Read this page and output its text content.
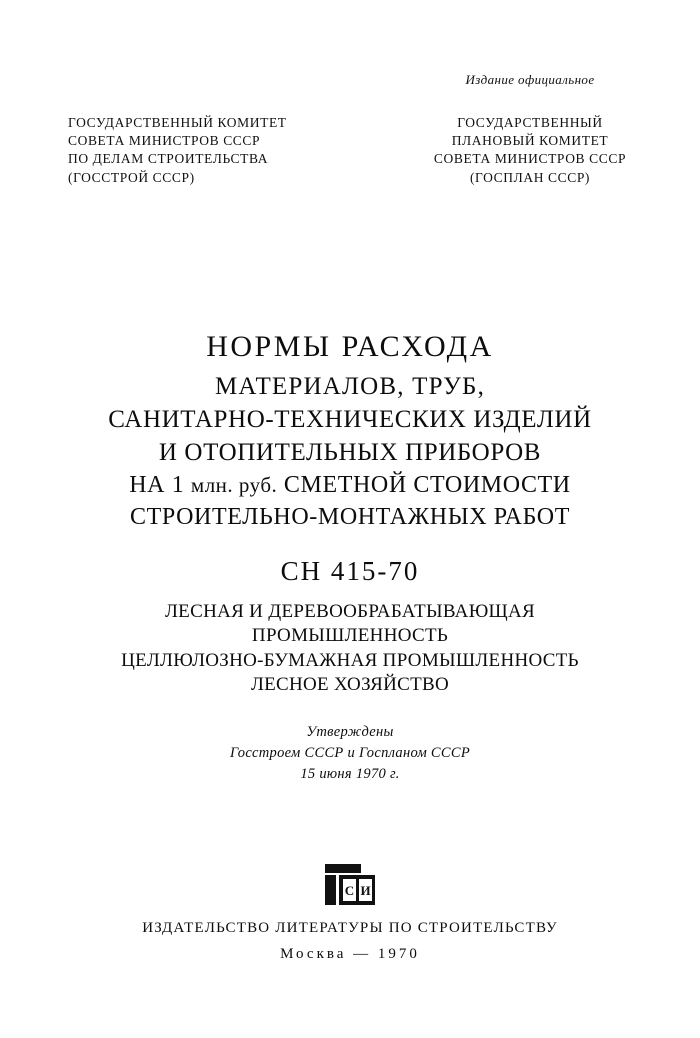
Издание официальное
ГОСУДАРСТВЕННЫЙ КОМИТЕТ
СОВЕТА МИНИСТРОВ СССР
ПО ДЕЛАМ СТРОИТЕЛЬСТВА
(ГОССТРОЙ СССР)
ГОСУДАРСТВЕННЫЙ
ПЛАНОВЫЙ КОМИТЕТ
СОВЕТА МИНИСТРОВ СССР
(ГОСПЛАН СССР)
НОРМЫ РАСХОДА
МАТЕРИАЛОВ, ТРУБ,
САНИТАРНО-ТЕХНИЧЕСКИХ ИЗДЕЛИЙ
И ОТОПИТЕЛЬНЫХ ПРИБОРОВ
НА 1 млн. руб. СМЕТНОЙ СТОИМОСТИ
СТРОИТЕЛЬНО-МОНТАЖНЫХ РАБОТ
СН 415-70
ЛЕСНАЯ И ДЕРЕВООБРАБАТЫВАЮЩАЯ
ПРОМЫШЛЕННОСТЬ
ЦЕЛЛЮЛОЗНО-БУМАЖНАЯ ПРОМЫШЛЕННОСТЬ
ЛЕСНОЕ ХОЗЯЙСТВО
Утверждены
Госстроем СССР и Госпланом СССР
15 июня 1970 г.
С И
ИЗДАТЕЛЬСТВО ЛИТЕРАТУРЫ ПО СТРОИТЕЛЬСТВУ
Москва — 1970
